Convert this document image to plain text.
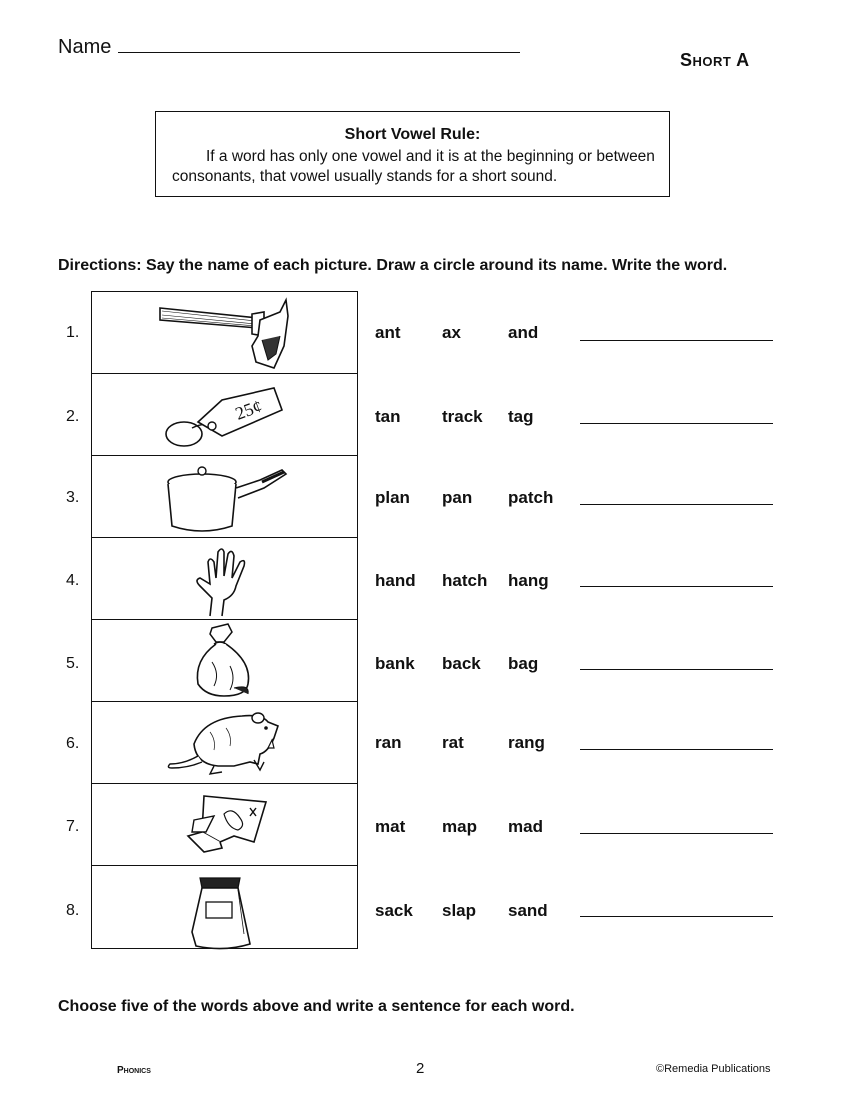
Name
Short A
Short Vowel Rule:
If a word has only one vowel and it is at the beginning or between consonants, that vowel usually stands for a short sound.
Directions: Say the name of each picture. Draw a circle around its name. Write the word.
25¢
1.
2.
3.
4.
5.
6.
7.
8.
ant ax	and
tan track tag
plan pan patch
hand hatch hang
bank back bag
ran rat	rang
mat map mad
sack slap sand
Choose five of the words above and write a sentence for each word.
Phonics	2	©Remedia Publications
